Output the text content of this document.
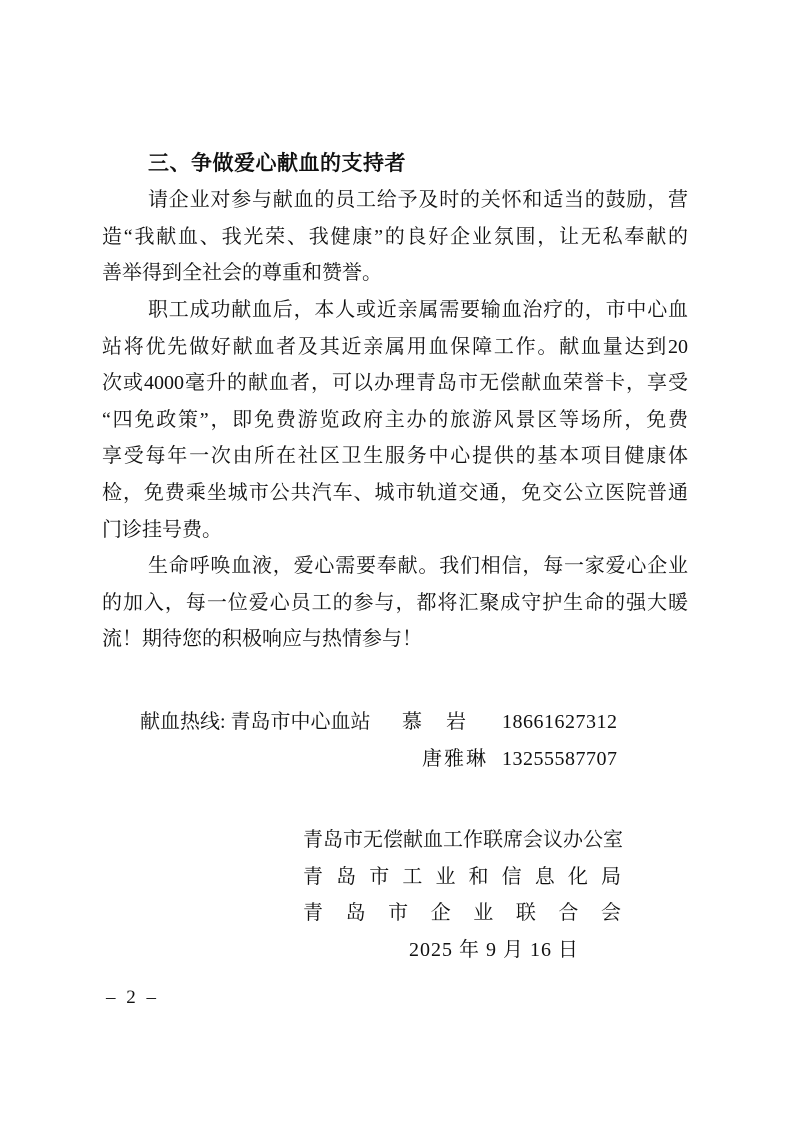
三、争做爱心献血的支持者
请企业对参与献血的员工给予及时的关怀和适当的鼓励，营
造“我献血、我光荣、我健康”的良好企业氛围，让无私奉献的
善举得到全社会的尊重和赞誉。
职工成功献血后，本人或近亲属需要输血治疗的，市中心血
站将优先做好献血者及其近亲属用血保障工作。献血量达到20
次或4000毫升的献血者，可以办理青岛市无偿献血荣誉卡，享受
“四免政策”，即免费游览政府主办的旅游风景区等场所，免费
享受每年一次由所在社区卫生服务中心提供的基本项目健康体
检，免费乘坐城市公共汽车、城市轨道交通，免交公立医院普通
门诊挂号费。
生命呼唤血液，爱心需要奉献。我们相信，每一家爱心企业
的加入，每一位爱心员工的参与，都将汇聚成守护生命的强大暖
流！期待您的积极响应与热情参与！
献血热线: 青岛市中心血站 慕　岩 18661627312
唐雅琳 13255587707
青岛市无偿献血工作联席会议办公室
青岛市工业和信息化局
青岛市企业联合会
2025 年 9 月 16 日
– 2 –
